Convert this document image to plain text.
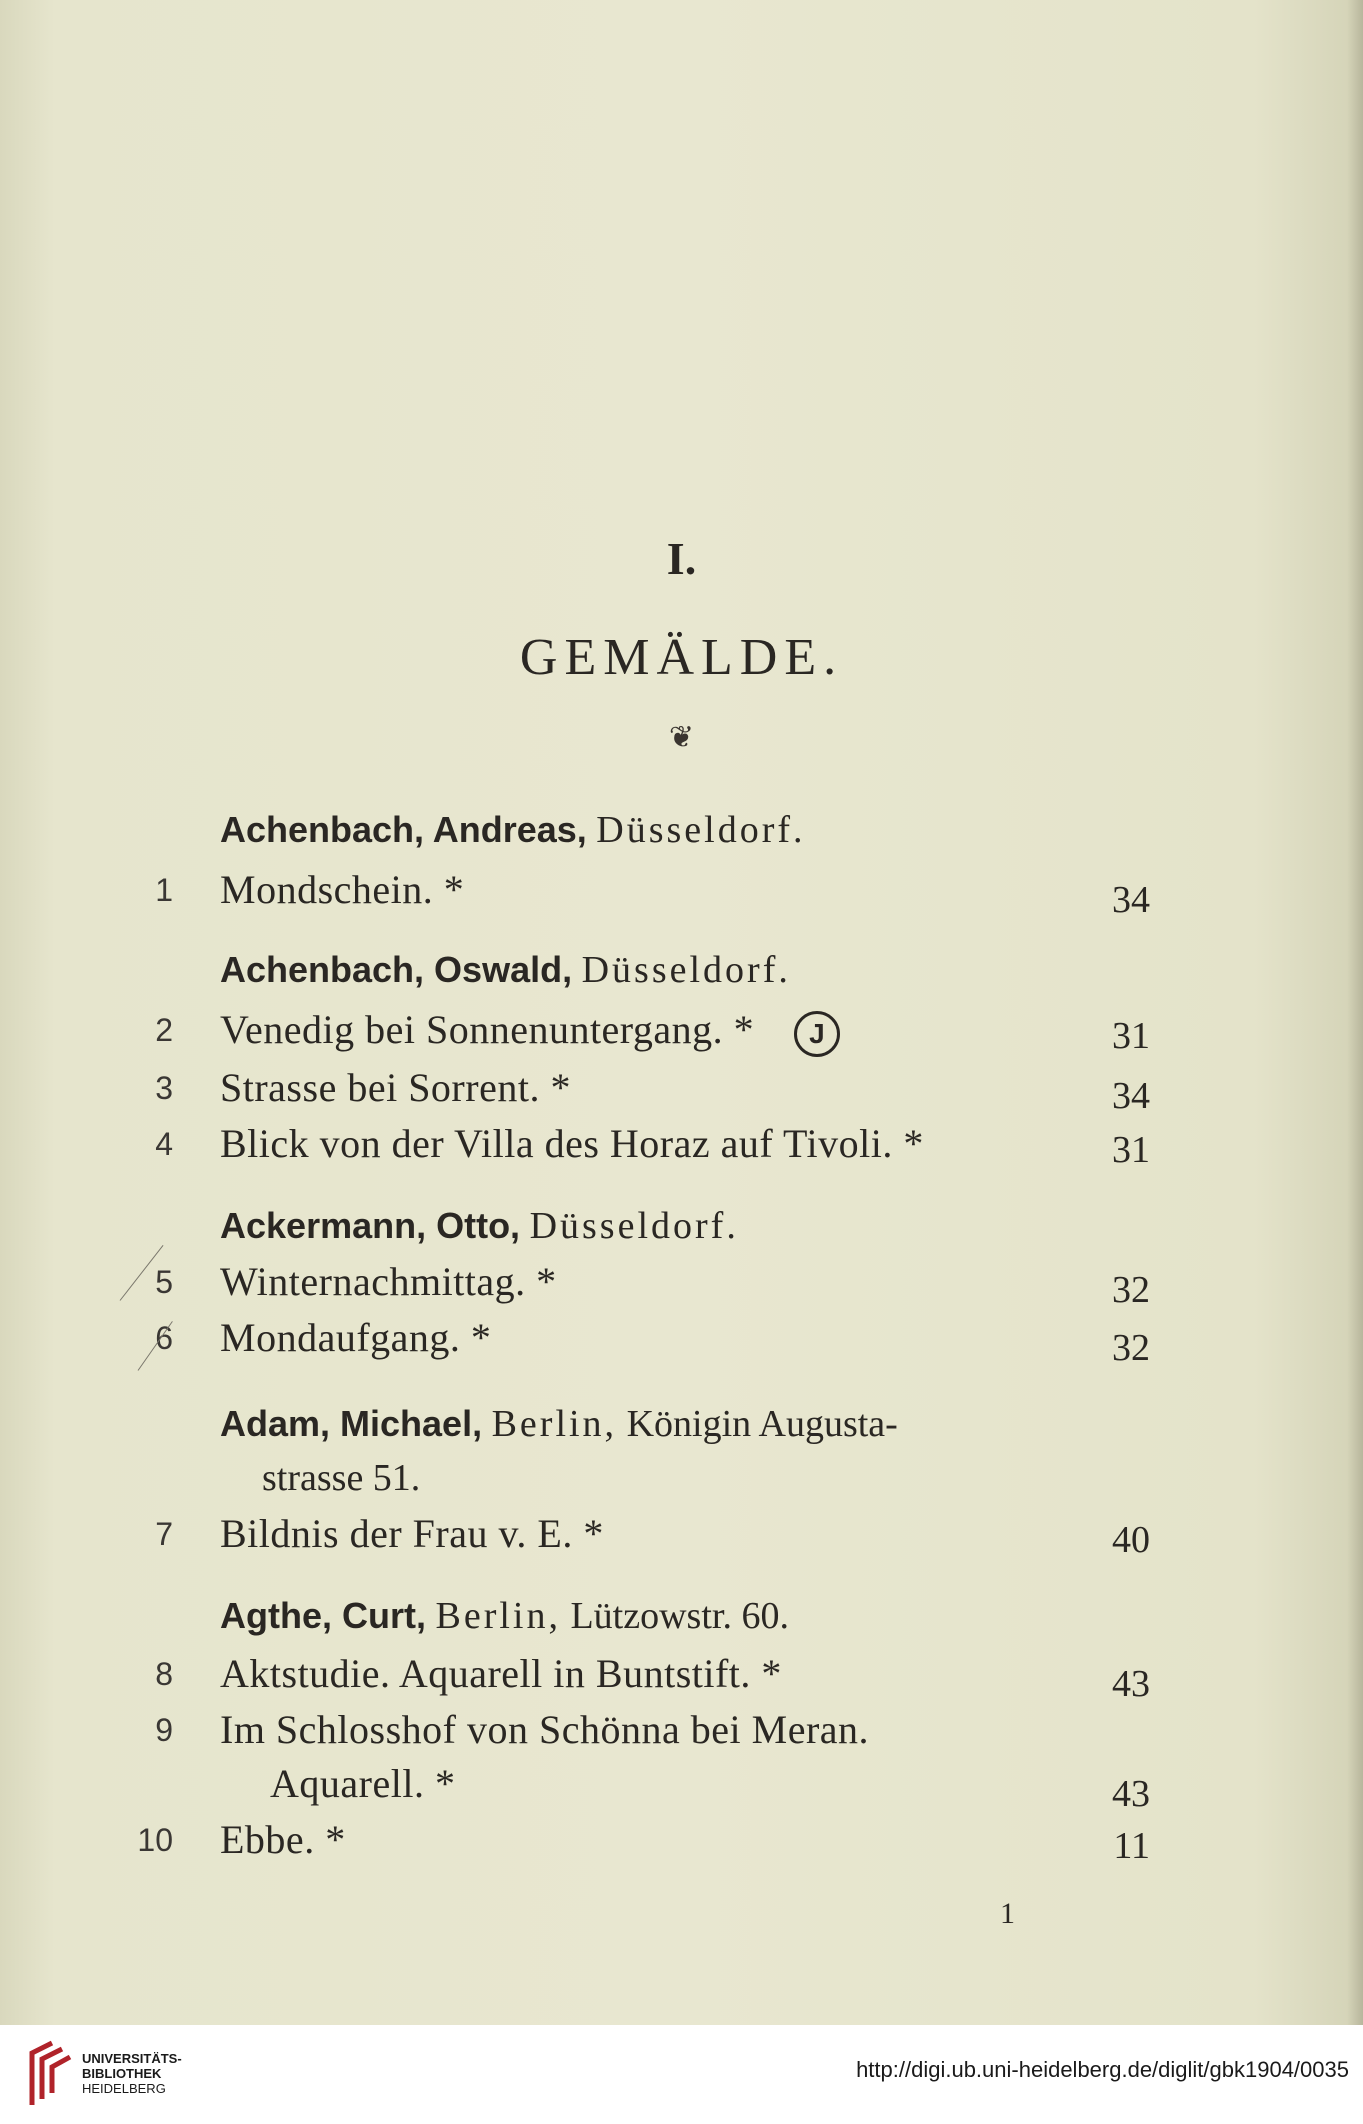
I.
GEMÄLDE.
❦
Achenbach, Andreas, Düsseldorf.
1 Mondschein. *	34
Achenbach, Oswald, Düsseldorf.
2 Venedig bei Sonnenuntergang. * J	31
3 Strasse bei Sorrent. *	34
4 Blick von der Villa des Horaz auf Tivoli. *	31
Ackermann, Otto, Düsseldorf.
5 Winternachmittag. *	32
6 Mondaufgang. *	32
Adam, Michael, Berlin, Königin Augusta-
strasse 51.
7 Bildnis der Frau v. E. *	40
Agthe, Curt, Berlin, Lützowstr. 60.
8 Aktstudie. Aquarell in Buntstift. *	43
9 Im Schlosshof von Schönna bei Meran.
Aquarell. *	43
10 Ebbe. *	11
1
UNIVERSITÄTS-
BIBLIOTHEK
HEIDELBERG
http://digi.ub.uni-heidelberg.de/diglit/gbk1904/0035
